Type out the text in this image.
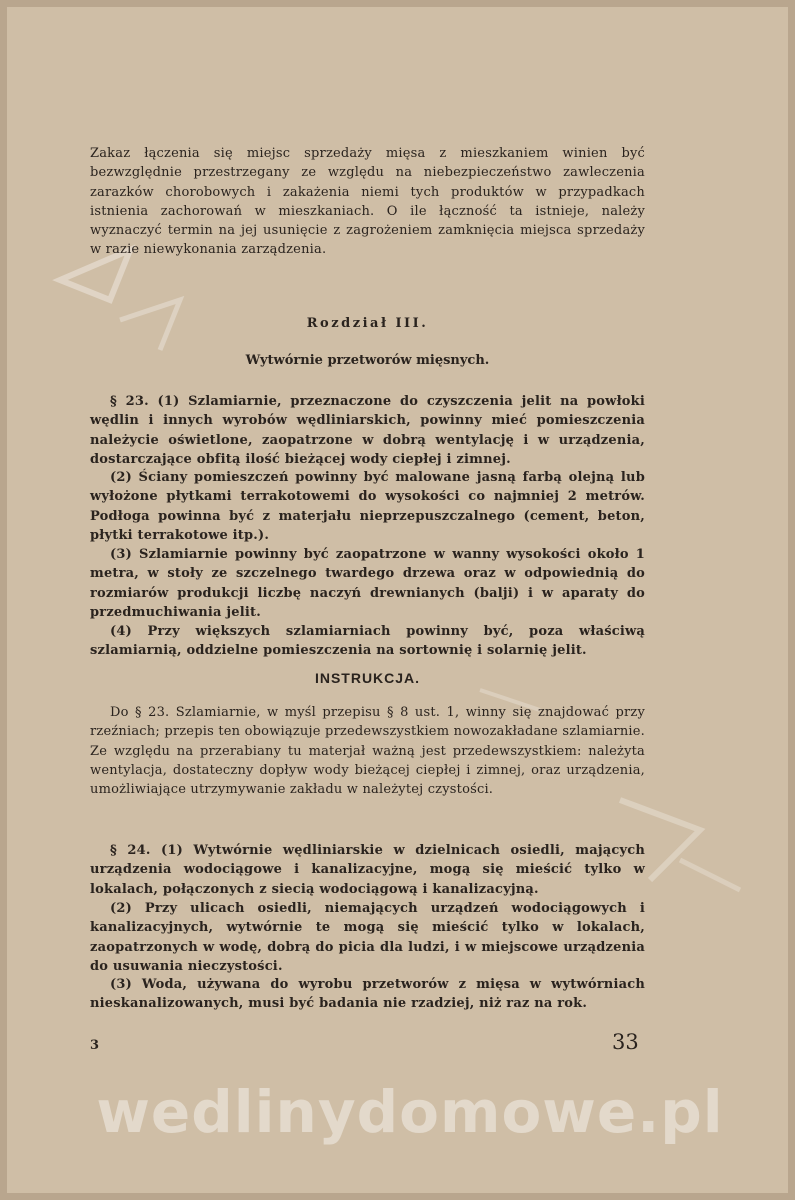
Zakaz łączenia się miejsc sprzedaży mięsa z mieszkaniem winien być bezwzględnie przestrzegany ze względu na niebezpieczeństwo zawleczenia zarazków chorobowych i zakażenia niemi tych produktów w przypadkach istnienia zachorowań w mieszkaniach. O ile łączność ta istnieje, należy wyznaczyć termin na jej usunięcie z zagrożeniem zamknięcia miejsca sprzedaży w razie niewykonania zarządzenia.

Rozdział III.

Wytwórnie przetworów mięsnych.

§ 23. (1) Szlamiarnie, przeznaczone do czyszczenia jelit na powłoki wędlin i innych wyrobów wędliniarskich, powinny mieć pomieszczenia należycie oświetlone, zaopatrzone w dobrą wentylację i w urządzenia, dostarczające obfitą ilość bieżącej wody ciepłej i zimnej.

(2) Ściany pomieszczeń powinny być malowane jasną farbą olejną lub wyłożone płytkami terrakotowemi do wysokości co najmniej 2 metrów. Podłoga powinna być z materjału nieprzepuszczalnego (cement, beton, płytki terrakotowe itp.).

(3) Szlamiarnie powinny być zaopatrzone w wanny wysokości około 1 metra, w stoły ze szczelnego twardego drzewa oraz w odpowiednią do rozmiarów produkcji liczbę naczyń drewnianych (balji) i w aparaty do przedmuchiwania jelit.

(4) Przy większych szlamiarniach powinny być, poza właściwą szlamiarnią, oddzielne pomieszczenia na sortownię i solarnię jelit.

INSTRUKCJA.

Do § 23. Szlamiarnie, w myśl przepisu § 8 ust. 1, winny się znajdować przy rzeźniach; przepis ten obowiązuje przedewszystkiem nowozakładane szlamiarnie. Ze względu na przerabiany tu materjał ważną jest przedewszystkiem: należyta wentylacja, dostateczny dopływ wody bieżącej ciepłej i zimnej, oraz urządzenia, umożliwiające utrzymywanie zakładu w należytej czystości.

§ 24. (1) Wytwórnie wędliniarskie w dzielnicach osiedli, mających urządzenia wodociągowe i kanalizacyjne, mogą się mieścić tylko w lokalach, połączonych z siecią wodociągową i kanalizacyjną.

(2) Przy ulicach osiedli, niemających urządzeń wodociągowych i kanalizacyjnych, wytwórnie te mogą się mieścić tylko w lokalach, zaopatrzonych w wodę, dobrą do picia dla ludzi, i w miejscowe urządzenia do usuwania nieczystości.

(3) Woda, używana do wyrobu przetworów z mięsa w wytwórniach nieskanalizowanych, musi być badania nie rzadziej, niż raz na rok.

3	33
wedlinydomowe.pl
